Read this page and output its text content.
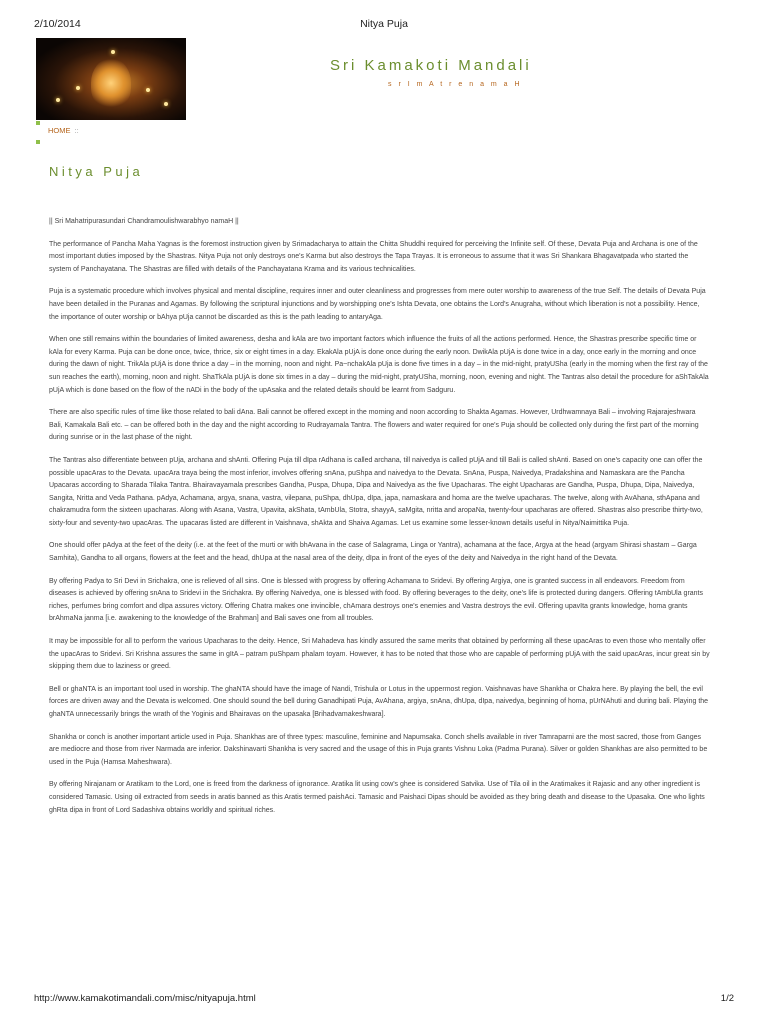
2/10/2014	Nitya Puja
Sri Kamakoti Mandali
s r I m A t r e n a m a H
HOME ::
Nitya Puja

|| Sri Mahatripurasundari Chandramoulishwarabhyo namaH ||

The performance of Pancha Maha Yagnas is the foremost instruction given by Srimadacharya to attain the Chitta Shuddhi required for perceiving the Infinite self. Of these, Devata Puja and Archana is one of the most important duties imposed by the Shastras. Nitya Puja not only destroys one's Karma but also destroys the Tapa Trayas. It is erroneous to assume that it was Sri Shankara Bhagavatpada who started the system of Panchayatana. The Shastras are filled with details of the Panchayatana Krama and its various technicalities.

Puja is a systematic procedure which involves physical and mental discipline, requires inner and outer cleanliness and progresses from mere outer worship to awareness of the true Self. The details of Devata Puja have been detailed in the Puranas and Agamas. By following the scriptural injunctions and by worshipping one's Ishta Devata, one obtains the Lord's Anugraha, without which liberation is not a possibility. Hence, the importance of outer worship or bAhya pUja cannot be discarded as this is the path leading to antaryAga.

When one still remains within the boundaries of limited awareness, desha and kAla are two important factors which influence the fruits of all the actions performed. Hence, the Shastras prescribe specific time or kAla for every Karma. Puja can be done once, twice, thrice, six or eight times in a day. EkakAla pUjA is done once during the early noon. DwikAla pUjA is done twice in a day, once early in the morning and once during the dawn of night. TrikAla pUjA is done thrice a day – in the morning, noon and night. Pa~nchakAla pUja is done five times in a day – in the mid-night, pratyUSha (early in the morning when the first ray of the sun reaches the earth), morning, noon and night. ShaTkAla pUjA is done six times in a day – during the mid-night, pratyUSha, morning, noon, evening and night. The Tantras also detail the procedure for aShTakAla pUjA which is done based on the flow of the nADi in the body of the upAsaka and the related details should be learnt from Sadguru.

There are also specific rules of time like those related to bali dAna. Bali cannot be offered except in the morning and noon according to Shakta Agamas. However, Urdhwamnaya Bali – involving Rajarajeshwara Bali, Kamakala Bali etc. – can be offered both in the day and the night according to Rudrayamala Tantra. The flowers and water required for one's Puja should be collected only during the first part of the morning during sunrise or in the last phase of the night.

The Tantras also differentiate between pUja, archana and shAnti. Offering Puja till dIpa rAdhana is called archana, till naivedya is called pUjA and till Bali is called shAnti. Based on one's capacity one can offer the possible upacAras to the Devata. upacAra traya being the most inferior, involves offering snAna, puShpa and naivedya to the Devata. SnAna, Puspa, Naivedya, Pradakshina and Namaskara are the Pancha Upacaras according to Sharada Tilaka Tantra. Bhairavayamala prescribes Gandha, Puspa, Dhupa, Dipa and Naivedya as the five Upacharas. The eight Upacharas are Gandha, Puspa, Dhupa, Dipa, Naivedya, Sangita, Nritta and Veda Pathana. pAdya, Achamana, argya, snana, vastra, vilepana, puShpa, dhUpa, dIpa, japa, namaskara and homa are the twelve upacharas. The twelve, along with AvAhana, sthApana and chakramudra form the sixteen upacharas. Along with Asana, Vastra, Upavita, akShata, tAmbUla, Stotra, shayyA, saMgita, nritta and aropaNa, twenty-four upacharas are offered. Shastras also prescribe thirty-two, sixty-four and seventy-two upacAras. The upacaras listed are different in Vaishnava, shAkta and Shaiva Agamas. Let us examine some lesser-known details useful in Nitya/Naimittika Puja.

One should offer pAdya at the feet of the deity (i.e. at the feet of the murti or with bhAvana in the case of Salagrama, Linga or Yantra), achamana at the face, Argya at the head (argyam Shirasi shastam – Garga Samhita), Gandha to all organs, flowers at the feet and the head, dhUpa at the nasal area of the deity, dIpa in front of the eyes of the deity and Naivedya in the right hand of the Devata.

By offering Padya to Sri Devi in Srichakra, one is relieved of all sins. One is blessed with progress by offering Achamana to Sridevi. By offering Argiya, one is granted success in all endeavors. Freedom from diseases is achieved by offering snAna to Sridevi in the Srichakra. By offering Naivedya, one is blessed with food. By offering beverages to the deity, one's life is protected during dangers. Offering tAmbUla grants riches, perfumes bring comfort and dIpa assures victory. Offering Chatra makes one invincible, chAmara destroys one's enemies and Vastra destroys the evil. Offering upavIta grants knowledge, homa grants brAhmaNa janma [i.e. awakening to the knowledge of the Brahman] and Bali saves one from all troubles.

It may be impossible for all to perform the various Upacharas to the deity. Hence, Sri Mahadeva has kindly assured the same merits that obtained by performing all these upacAras to even those who mentally offer the upacAras to Sridevi. Sri Krishna assures the same in gItA – patram puShpam phalam toyam. However, it has to be noted that those who are capable of performing pUjA with the said upacAras, incur great sin by skipping them due to laziness or greed.

Bell or ghaNTA is an important tool used in worship. The ghaNTA should have the image of Nandi, Trishula or Lotus in the uppermost region. Vaishnavas have Shankha or Chakra here. By playing the bell, the evil forces are driven away and the Devata is welcomed. One should sound the bell during Ganadhipati Puja, AvAhana, argiya, snAna, dhUpa, dIpa, naivedya, beginning of homa, pUrNAhuti and during bali. Playing the ghaNTA unnecessarily brings the wrath of the Yoginis and Bhairavas on the upasaka [Brihadvamakeshwara].

Shankha or conch is another important article used in Puja. Shankhas are of three types: masculine, feminine and Napumsaka. Conch shells available in river Tamraparni are the most sacred, those from Ganges are mediocre and those from river Narmada are inferior. Dakshinavarti Shankha is very sacred and the usage of this in Puja grants Vishnu Loka (Padma Purana). Silver or golden Shankhas are also permitted to be used in the Puja (Hamsa Maheshwara).

By offering Nirajanam or Aratikam to the Lord, one is freed from the darkness of ignorance. Aratika lit using cow's ghee is considered Satvika. Use of Tila oil in the Aratimakes it Rajasic and any other ingredient is considered Tamasic. Using oil extracted from seeds in aratis banned as this Aratis termed paishAci. Tamasic and Paishaci Dipas should be avoided as they bring death and disease to the Upasaka. One who lights ghRta dipa in front of Lord Sadashiva obtains worldly and spiritual riches.

http://www.kamakotimandali.com/misc/nityapuja.html	1/2
